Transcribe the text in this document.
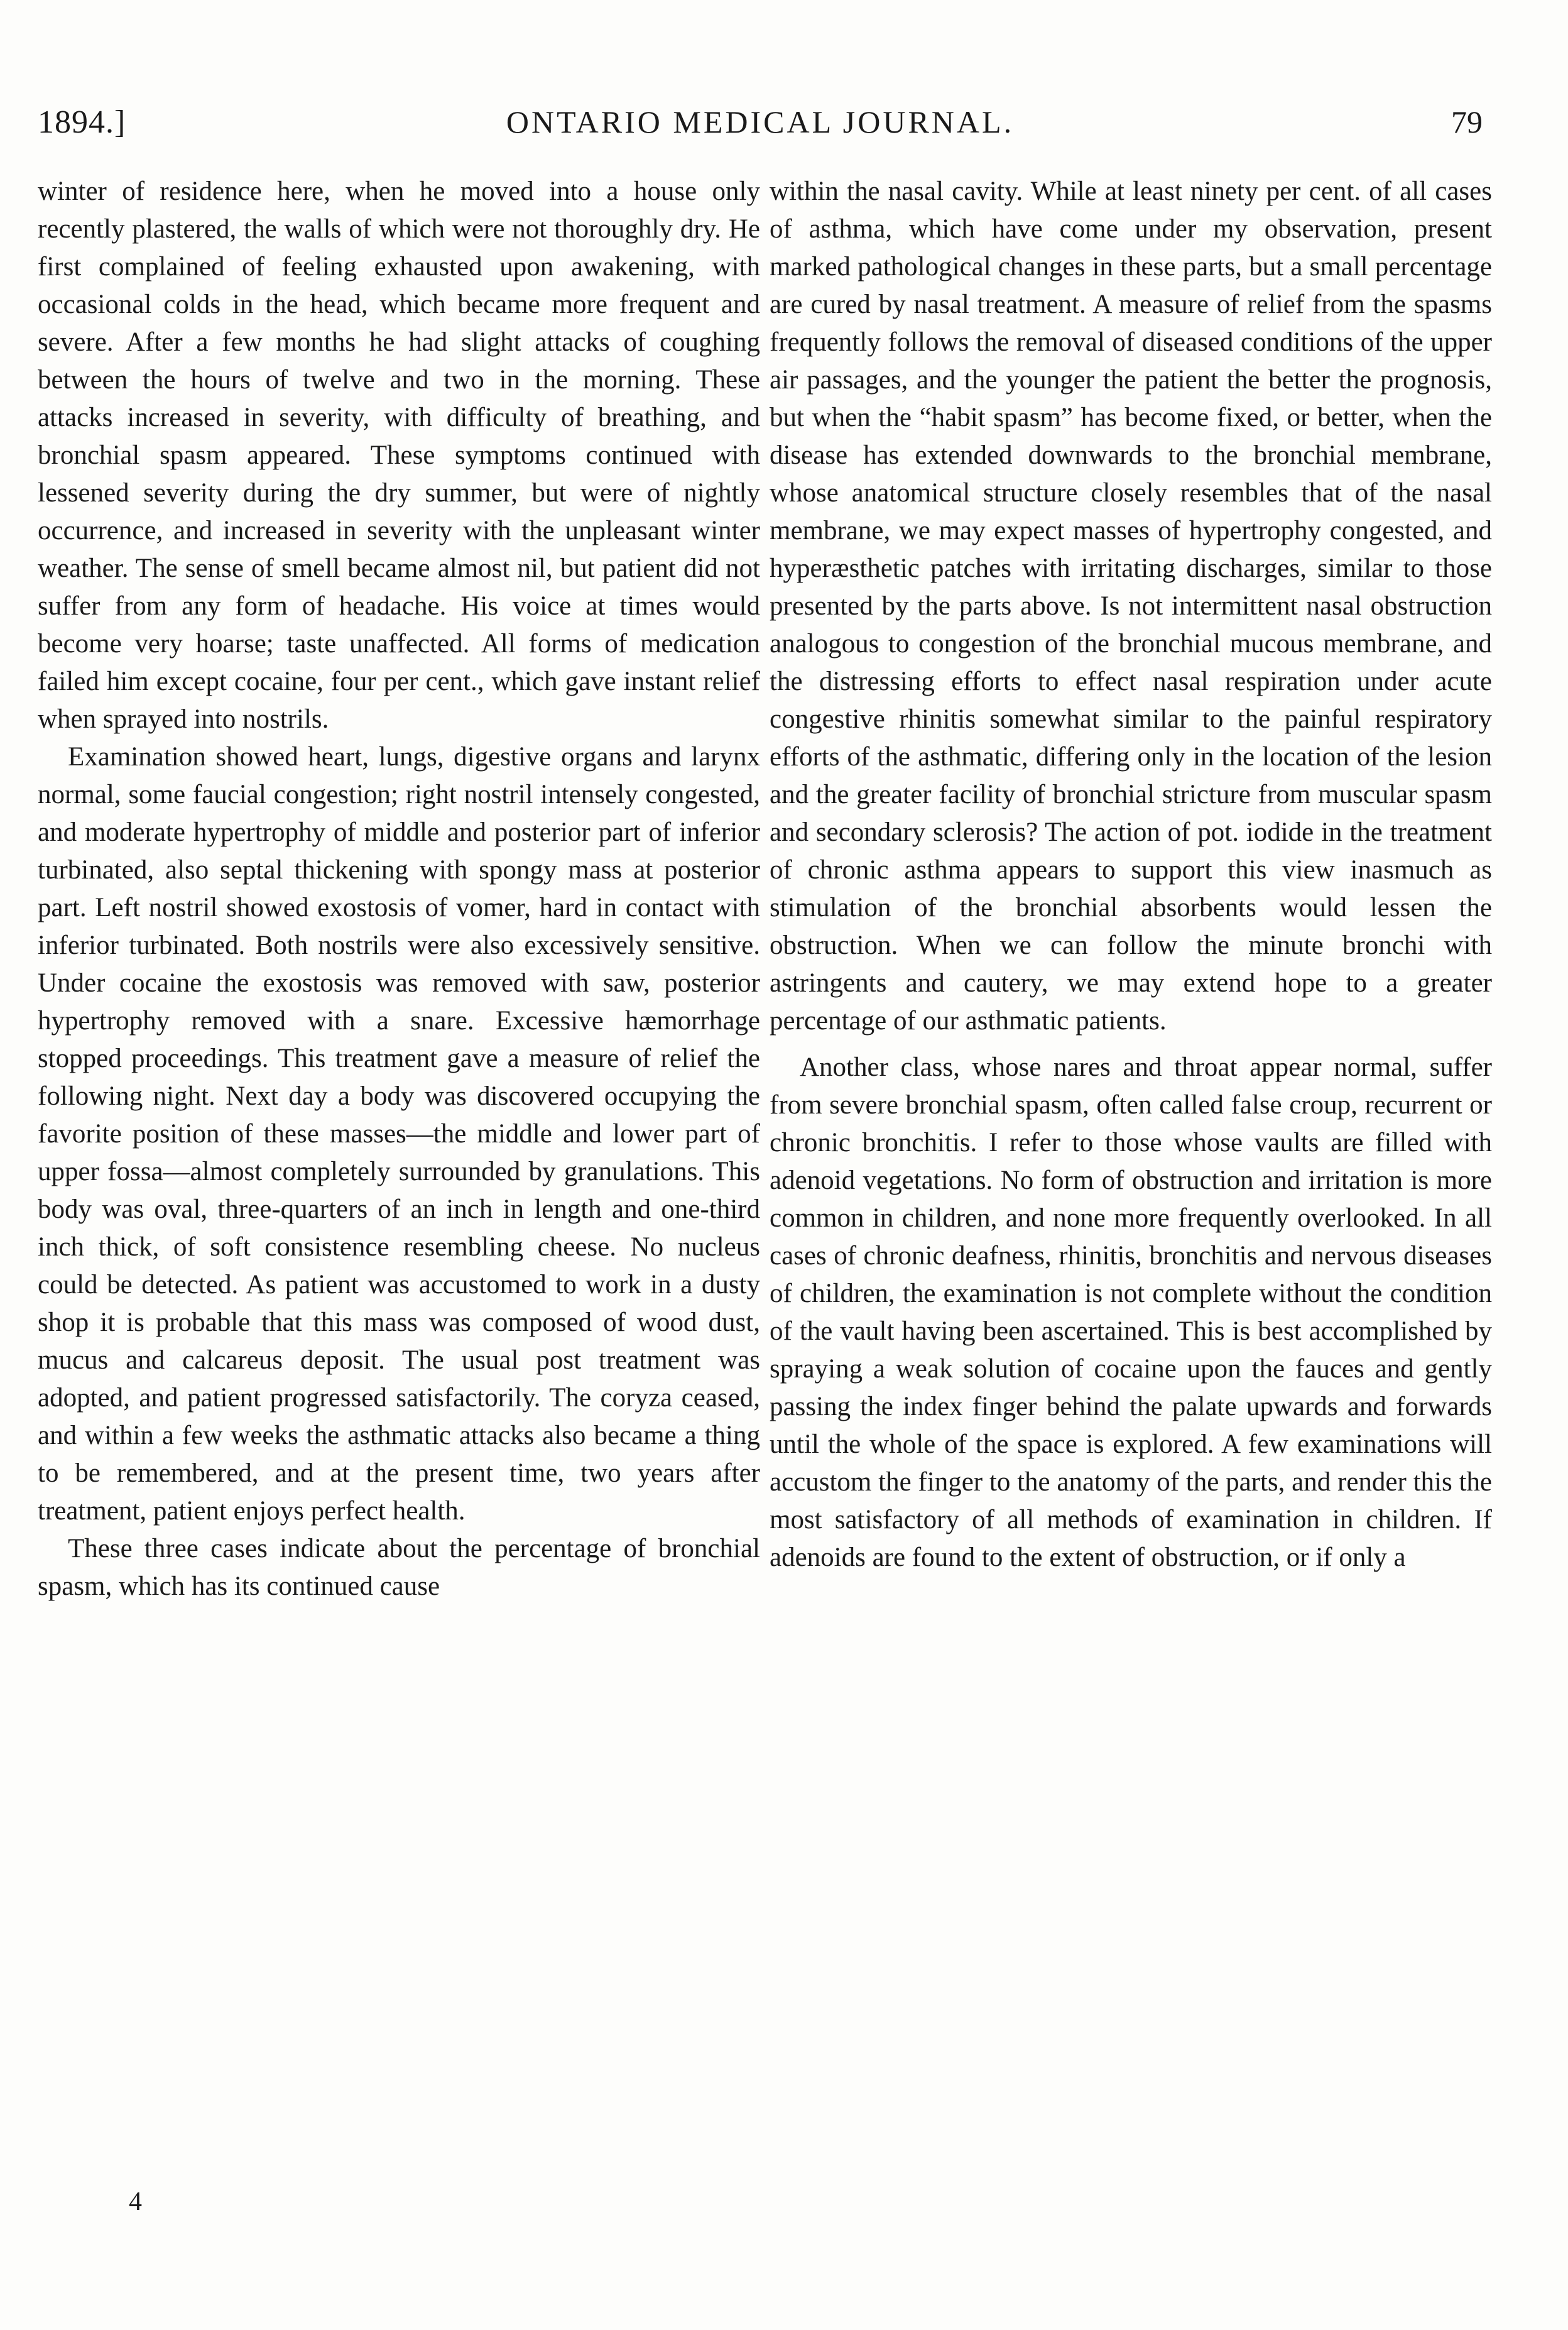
1894.]	ONTARIO MEDICAL JOURNAL.	79

winter of residence here, when he moved into a house only recently plastered, the walls of which were not thoroughly dry. He first complained of feeling exhausted upon awakening, with occasional colds in the head, which became more frequent and severe. After a few months he had slight attacks of coughing between the hours of twelve and two in the morning. These attacks increased in severity, with difficulty of breathing, and bronchial spasm appeared. These symptoms continued with lessened severity during the dry summer, but were of nightly occurrence, and increased in severity with the unpleasant winter weather. The sense of smell became almost nil, but patient did not suffer from any form of headache. His voice at times would become very hoarse; taste unaffected. All forms of medication failed him except cocaine, four per cent., which gave instant relief when sprayed into nostrils.

Examination showed heart, lungs, digestive organs and larynx normal, some faucial congestion; right nostril intensely congested, and moderate hypertrophy of middle and posterior part of inferior turbinated, also septal thickening with spongy mass at posterior part. Left nostril showed exostosis of vomer, hard in contact with inferior turbinated. Both nostrils were also excessively sensitive. Under cocaine the exostosis was removed with saw, posterior hypertrophy removed with a snare. Excessive hæmorrhage stopped proceedings. This treatment gave a measure of relief the following night. Next day a body was discovered occupying the favorite position of these masses—the middle and lower part of upper fossa—almost completely surrounded by granulations. This body was oval, three-quarters of an inch in length and one-third inch thick, of soft consistence resembling cheese. No nucleus could be detected. As patient was accustomed to work in a dusty shop it is probable that this mass was composed of wood dust, mucus and calcareus deposit. The usual post treatment was adopted, and patient progressed satisfactorily. The coryza ceased, and within a few weeks the asthmatic attacks also became a thing to be remembered, and at the present time, two years after treatment, patient enjoys perfect health.

These three cases indicate about the percentage of bronchial spasm, which has its continued cause

4

within the nasal cavity. While at least ninety per cent. of all cases of asthma, which have come under my observation, present marked pathological changes in these parts, but a small percentage are cured by nasal treatment. A measure of relief from the spasms frequently follows the removal of diseased conditions of the upper air passages, and the younger the patient the better the prognosis, but when the “habit spasm” has become fixed, or better, when the disease has extended downwards to the bronchial membrane, whose anatomical structure closely resembles that of the nasal membrane, we may expect masses of hypertrophy congested, and hyperæsthetic patches with irritating discharges, similar to those presented by the parts above. Is not intermittent nasal obstruction analogous to congestion of the bronchial mucous membrane, and the distressing efforts to effect nasal respiration under acute congestive rhinitis somewhat similar to the painful respiratory efforts of the asthmatic, differing only in the location of the lesion and the greater facility of bronchial stricture from muscular spasm and secondary sclerosis? The action of pot. iodide in the treatment of chronic asthma appears to support this view inasmuch as stimulation of the bronchial absorbents would lessen the obstruction. When we can follow the minute bronchi with astringents and cautery, we may extend hope to a greater percentage of our asthmatic patients.

Another class, whose nares and throat appear normal, suffer from severe bronchial spasm, often called false croup, recurrent or chronic bronchitis. I refer to those whose vaults are filled with adenoid vegetations. No form of obstruction and irritation is more common in children, and none more frequently overlooked. In all cases of chronic deafness, rhinitis, bronchitis and nervous diseases of children, the examination is not complete without the condition of the vault having been ascertained. This is best accomplished by spraying a weak solution of cocaine upon the fauces and gently passing the index finger behind the palate upwards and forwards until the whole of the space is explored. A few examinations will accustom the finger to the anatomy of the parts, and render this the most satisfactory of all methods of examination in children. If adenoids are found to the extent of obstruction, or if only a
